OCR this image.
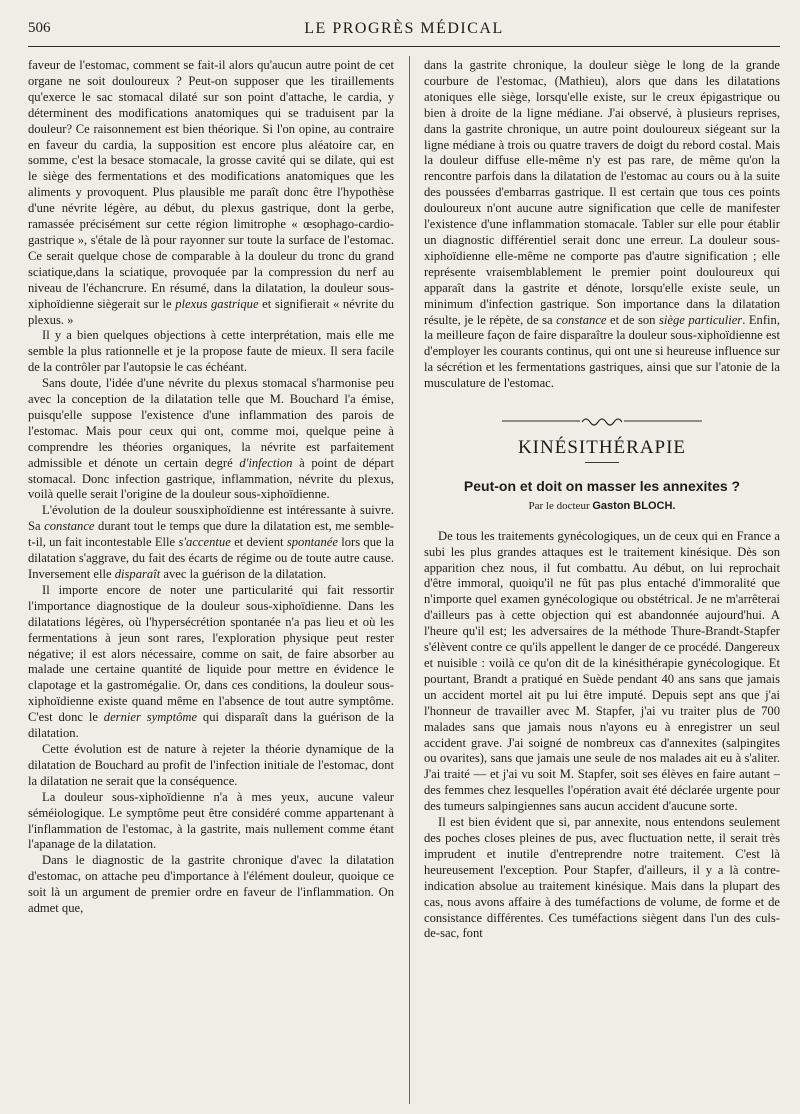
506	LE PROGRÈS MÉDICAL

faveur de l'estomac, comment se fait-il alors qu'aucun autre point de cet organe ne soit douloureux ? Peut-on supposer que les tiraillements qu'exerce le sac stomacal dilaté sur son point d'attache, le cardia, y déterminent des modifications anatomiques qui se traduisent par la douleur? Ce raisonnement est bien théorique. Si l'on opine, au contraire en faveur du cardia, la supposition est encore plus aléatoire car, en somme, c'est la besace stomacale, la grosse cavité qui se dilate, qui est le siège des fermentations et des modifications anatomiques que les aliments y provoquent. Plus plausible me paraît donc être l'hypothèse d'une névrite légère, au début, du plexus gastrique, dont la gerbe, ramassée précisément sur cette région limitrophe « œsophago-cardio-gastrique », s'étale de là pour rayonner sur toute la surface de l'estomac. Ce serait quelque chose de comparable à la douleur du tronc du grand sciatique,dans la sciatique, provoquée par la compression du nerf au niveau de l'échancrure. En résumé, dans la dilatation, la douleur sous-xiphoïdienne siègerait sur le plexus gastrique et signifierait « névrite du plexus. »

Il y a bien quelques objections à cette interprétation, mais elle me semble la plus rationnelle et je la propose faute de mieux. Il sera facile de la contrôler par l'autopsie le cas échéant.

Sans doute, l'idée d'une névrite du plexus stomacal s'harmonise peu avec la conception de la dilatation telle que M. Bouchard l'a émise, puisqu'elle suppose l'existence d'une inflammation des parois de l'estomac. Mais pour ceux qui ont, comme moi, quelque peine à comprendre les théories organiques, la névrite est parfaitement admissible et dénote un certain degré d'infection à point de départ stomacal. Donc infection gastrique, inflammation, névrite du plexus, voilà quelle serait l'origine de la douleur sous-xiphoïdienne.

L'évolution de la douleur sousxiphoïdienne est intéressante à suivre. Sa constance durant tout le temps que dure la dilatation est, me semble-t-il, un fait incontestable Elle s'accentue et devient spontanée lors que la dilatation s'aggrave, du fait des écarts de régime ou de toute autre cause. Inversement elle disparaît avec la guérison de la dilatation.

Il importe encore de noter une particularité qui fait ressortir l'importance diagnostique de la douleur sous-xiphoïdienne. Dans les dilatations légères, où l'hypersécrétion spontanée n'a pas lieu et où les fermentations à jeun sont rares, l'exploration physique peut rester négative; il est alors nécessaire, comme on sait, de faire absorber au malade une certaine quantité de liquide pour mettre en évidence le clapotage et la gastromégalie. Or, dans ces conditions, la douleur sous-xiphoïdienne existe quand même en l'absence de tout autre symptôme. C'est donc le dernier symptôme qui disparaît dans la guérison de la dilatation.

Cette évolution est de nature à rejeter la théorie dynamique de la dilatation de Bouchard au profit de l'infection initiale de l'estomac, dont la dilatation ne serait que la conséquence.

La douleur sous-xiphoïdienne n'a à mes yeux, aucune valeur séméiologique. Le symptôme peut être considéré comme appartenant à l'inflammation de l'estomac, à la gastrite, mais nullement comme étant l'apanage de la dilatation.

Dans le diagnostic de la gastrite chronique d'avec la dilatation d'estomac, on attache peu d'importance à l'élément douleur, quoique ce soit là un argument de premier ordre en faveur de l'inflammation. On admet que,

dans la gastrite chronique, la douleur siège le long de la grande courbure de l'estomac, (Mathieu), alors que dans les dilatations atoniques elle siège, lorsqu'elle existe, sur le creux épigastrique ou bien à droite de la ligne médiane. J'ai observé, à plusieurs reprises, dans la gastrite chronique, un autre point douloureux siégeant sur la ligne médiane à trois ou quatre travers de doigt du rebord costal. Mais la douleur diffuse elle-même n'y est pas rare, de même qu'on la rencontre parfois dans la dilatation de l'estomac au cours ou à la suite des poussées d'embarras gastrique. Il est certain que tous ces points douloureux n'ont aucune autre signification que celle de manifester l'existence d'une inflammation stomacale. Tabler sur elle pour établir un diagnostic différentiel serait donc une erreur. La douleur sous-xiphoïdienne elle-même ne comporte pas d'autre signification ; elle représente vraisemblablement le premier point douloureux qui apparaît dans la gastrite et dénote, lorsqu'elle existe seule, un minimum d'infection gastrique. Son importance dans la dilatation résulte, je le répète, de sa constance et de son siège particulier. Enfin, la meilleure façon de faire disparaître la douleur sous-xiphoïdienne est d'employer les courants continus, qui ont une si heureuse influence sur la sécrétion et les fermentations gastriques, ainsi que sur l'atonie de la musculature de l'estomac.

KINÉSITHÉRAPIE
Peut-on et doit on masser les annexites ?
Par le docteur Gaston BLOCH.

De tous les traitements gynécologiques, un de ceux qui en France a subi les plus grandes attaques est le traitement kinésique. Dès son apparition chez nous, il fut combattu. Au début, on lui reprochait d'être immoral, quoiqu'il ne fût pas plus entaché d'immoralité que n'importe quel examen gynécologique ou obstétrical. Je ne m'arrêterai d'ailleurs pas à cette objection qui est abandonnée aujourd'hui. A l'heure qu'il est; les adversaires de la méthode Thure-Brandt-Stapfer s'élèvent contre ce qu'ils appellent le danger de ce procédé. Dangereux et nuisible : voilà ce qu'on dit de la kinésithérapie gynécologique. Et pourtant, Brandt a pratiqué en Suède pendant 40 ans sans que jamais un accident mortel ait pu lui être imputé. Depuis sept ans que j'ai l'honneur de travailler avec M. Stapfer, j'ai vu traiter plus de 700 malades sans que jamais nous n'ayons eu à enregistrer un seul accident grave. J'ai soigné de nombreux cas d'annexites (salpingites ou ovarites), sans que jamais une seule de nos malades ait eu à s'aliter. J'ai traité — et j'ai vu soit M. Stapfer, soit ses élèves en faire autant – des femmes chez lesquelles l'opération avait été déclarée urgente pour des tumeurs salpingiennes sans aucun accident d'aucune sorte.

Il est bien évident que si, par annexite, nous entendons seulement des poches closes pleines de pus, avec fluctuation nette, il serait très imprudent et inutile d'entreprendre notre traitement. C'est là heureusement l'exception. Pour Stapfer, d'ailleurs, il y a là contre-indication absolue au traitement kinésique. Mais dans la plupart des cas, nous avons affaire à des tuméfactions de volume, de forme et de consistance différentes. Ces tuméfactions siègent dans l'un des culs-de-sac, font
